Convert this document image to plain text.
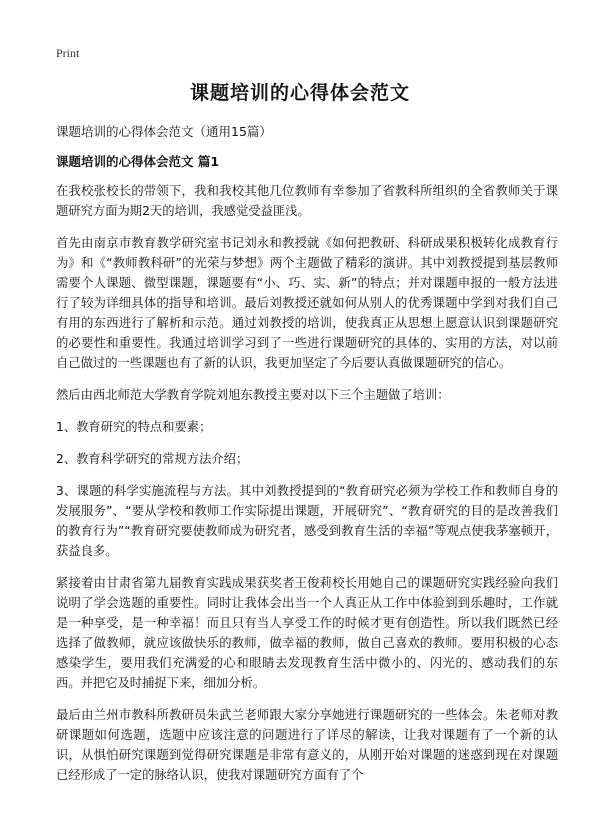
Print
课题培训的心得体会范文
课题培训的心得体会范文（通用15篇）
课题培训的心得体会范文 篇1

在我校张校长的带领下，我和我校其他几位教师有幸参加了省教科所组织的全省教师关于课题研究方面为期2天的培训，我感觉受益匪浅。

首先由南京市教育教学研究室书记刘永和教授就《如何把教研、科研成果积极转化成教育行为》和《“教师教科研”的光荣与梦想》两个主题做了精彩的演讲。其中刘教授提到基层教师需要个人课题、微型课题，课题要有“小、巧、实、新”的特点；并对课题申报的一般方法进行了较为详细具体的指导和培训。最后刘教授还就如何从别人的优秀课题中学到对我们自己有用的东西进行了解析和示范。通过刘教授的培训，使我真正从思想上愿意认识到课题研究的必要性和重要性。我通过培训学习到了一些进行课题研究的具体的、实用的方法，对以前自己做过的一些课题也有了新的认识，我更加坚定了今后要认真做课题研究的信心。

然后由西北师范大学教育学院刘旭东教授主要对以下三个主题做了培训：

1、教育研究的特点和要素；

2、教育科学研究的常规方法介绍；

3、课题的科学实施流程与方法。其中刘教授提到的“教育研究必须为学校工作和教师自身的发展服务”、“要从学校和教师工作实际提出课题，开展研究”、“教育研究的目的是改善我们的教育行为”“教育研究要使教师成为研究者，感受到教育生活的幸福”等观点使我茅塞顿开，获益良多。

紧接着由甘肃省第九届教育实践成果获奖者王俊莉校长用她自己的课题研究实践经验向我们说明了学会选题的重要性。同时让我体会出当一个人真正从工作中体验到到乐趣时，工作就是一种享受，是一种幸福！而且只有当人享受工作的时候才更有创造性。所以我们既然已经选择了做教师，就应该做快乐的教师，做幸福的教师，做自己喜欢的教师。要用积极的心态感染学生，要用我们充满爱的心和眼睛去发现教育生活中微小的、闪光的、感动我们的东西。并把它及时捕捉下来，细加分析。

最后由兰州市教科所教研员朱武兰老师跟大家分享她进行课题研究的一些体会。朱老师对教研课题如何选题，选题中应该注意的问题进行了详尽的解读，让我对课题有了一个新的认识，从惧怕研究课题到觉得研究课题是非常有意义的，从刚开始对课题的迷惑到现在对课题已经形成了一定的脉络认识，使我对课题研究方面有了个
